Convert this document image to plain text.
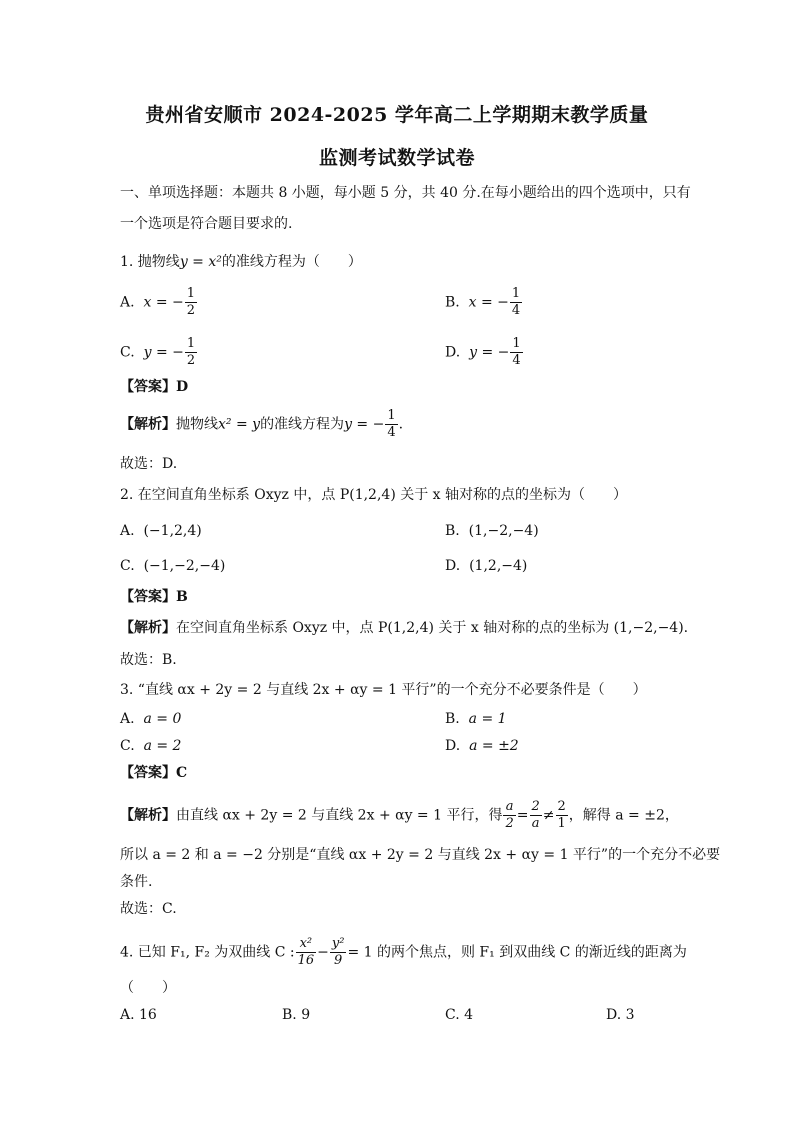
贵州省安顺市 2024-2025 学年高二上学期期末教学质量
监测考试数学试卷
一、单项选择题：本题共 8 小题，每小题 5 分，共 40 分.在每小题给出的四个选项中，只有
一个选项是符合题目要求的.
1. 抛物线y = x²的准线方程为（　　）
A. x = − $\frac{1}{2}$	B. x = − $\frac{1}{4}$
C. y = − $\frac{1}{2}$	D. y = − $\frac{1}{4}$
【答案】D
【解析】抛物线x² = y的准线方程为y = − $\frac{1}{4}$ .
故选：D.
2. 在空间直角坐标系 Oxyz 中，点 P(1,2,4) 关于 x 轴对称的点的坐标为（　　）
A. (−1,2,4)	B. (1,−2,−4)
C. (−1,−2,−4)	D. (1,2,−4)
【答案】B
【解析】在空间直角坐标系 Oxyz 中，点 P(1,2,4) 关于 x 轴对称的点的坐标为 (1,−2,−4).
故选：B.
3. “直线 αx + 2y = 2 与直线 2x + αy = 1 平行”的一个充分不必要条件是（　　）
A. a = 0	B. a = 1
C. a = 2	D. a = ±2
【答案】C
【解析】由直线 αx + 2y = 2 与直线 2x + αy = 1 平行，得 $\frac{a}{2} = \frac{2}{a} \ne \frac{2}{1}$ ，解得 a = ±2，
所以 a = 2 和 a = −2 分别是“直线 αx + 2y = 2 与直线 2x + αy = 1 平行”的一个充分不必要
条件.
故选：C.
4. 已知 F₁, F₂ 为双曲线 C : $\frac{\text{x²}}{16} - \frac{\text{y²}}{9} = 1$ 的两个焦点，则 F₁ 到双曲线 C 的渐近线的距离为
（　　）
A. 16	B. 9	C. 4	D. 3
